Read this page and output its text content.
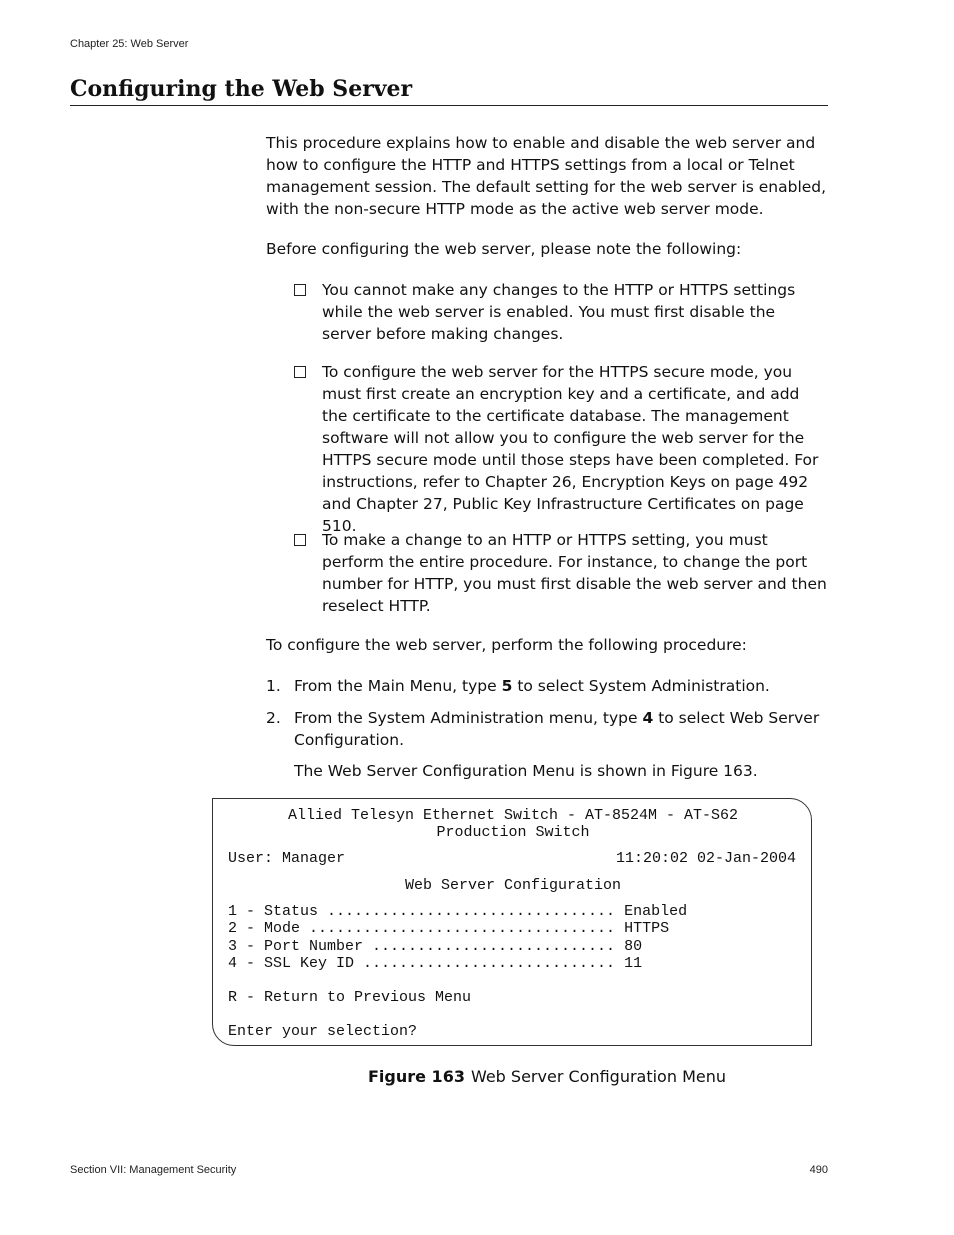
Chapter 25: Web Server
Configuring the Web Server

This procedure explains how to enable and disable the web server and how to configure the HTTP and HTTPS settings from a local or Telnet management session. The default setting for the web server is enabled, with the non-secure HTTP mode as the active web server mode.

Before configuring the web server, please note the following:

You cannot make any changes to the HTTP or HTTPS settings while the web server is enabled. You must first disable the server before making changes.
To configure the web server for the HTTPS secure mode, you must first create an encryption key and a certificate, and add the certificate to the certificate database. The management software will not allow you to configure the web server for the HTTPS secure mode until those steps have been completed. For instructions, refer to Chapter 26, Encryption Keys on page 492 and Chapter 27, Public Key Infrastructure Certificates on page 510.
To make a change to an HTTP or HTTPS setting, you must perform the entire procedure. For instance, to change the port number for HTTP, you must first disable the web server and then reselect HTTP.

To configure the web server, perform the following procedure:

1. From the Main Menu, type 5 to select System Administration.
2. From the System Administration menu, type 4 to select Web Server Configuration.

The Web Server Configuration Menu is shown in Figure 163.

Allied Telesyn Ethernet Switch - AT-8524M - AT-S62
Production Switch
User: Manager	11:20:02 02-Jan-2004
Web Server Configuration
1 - Status ................................ Enabled
2 - Mode .................................. HTTPS
3 - Port Number ........................... 80
4 - SSL Key ID ............................ 11
R - Return to Previous Menu
Enter your selection?
Figure 163 Web Server Configuration Menu
Section VII: Management Security	490
